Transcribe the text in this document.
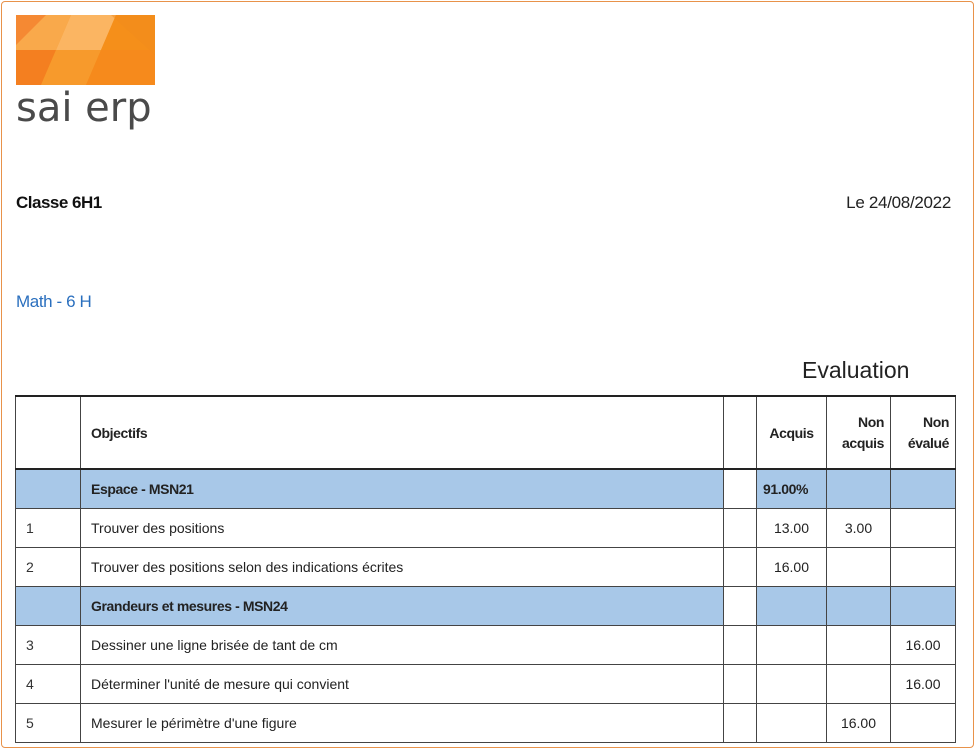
sai erp
Classe 6H1	Le 24/08/2022
Math - 6 H
Evaluation
	Objectifs		Acquis	Non acquis	Non évalué
	Espace - MSN21		91.00%		
1	Trouver des positions		13.00	3.00	
2	Trouver des positions selon des indications écrites		16.00		
	Grandeurs et mesures - MSN24				
3	Dessiner une ligne brisée de tant de cm				16.00
4	Déterminer l'unité de mesure qui convient				16.00
5	Mesurer le périmètre d'une figure			16.00	
